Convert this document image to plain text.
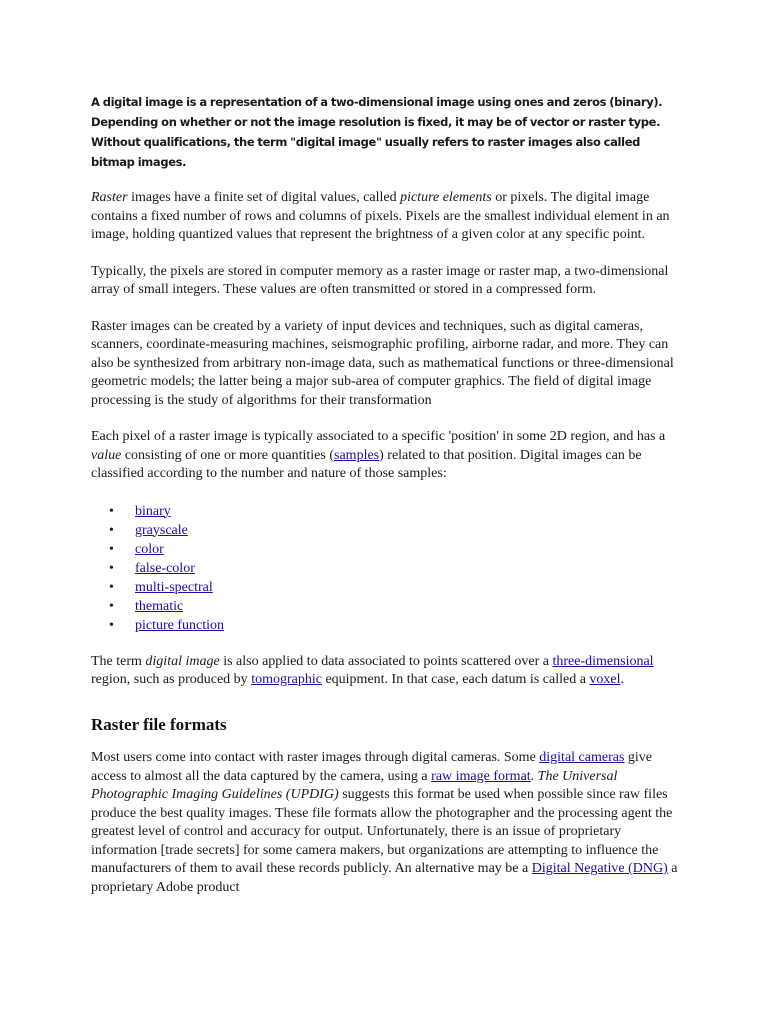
A digital image is a representation of a two-dimensional image using ones and zeros (binary). Depending on whether or not the image resolution is fixed, it may be of vector or raster type. Without qualifications, the term "digital image" usually refers to raster images also called bitmap images.

Raster images have a finite set of digital values, called picture elements or pixels. The digital image contains a fixed number of rows and columns of pixels. Pixels are the smallest individual element in an image, holding quantized values that represent the brightness of a given color at any specific point.

Typically, the pixels are stored in computer memory as a raster image or raster map, a two-dimensional array of small integers. These values are often transmitted or stored in a compressed form.

Raster images can be created by a variety of input devices and techniques, such as digital cameras, scanners, coordinate-measuring machines, seismographic profiling, airborne radar, and more. They can also be synthesized from arbitrary non-image data, such as mathematical functions or three-dimensional geometric models; the latter being a major sub-area of computer graphics. The field of digital image processing is the study of algorithms for their transformation

Each pixel of a raster image is typically associated to a specific 'position' in some 2D region, and has a value consisting of one or more quantities (samples) related to that position. Digital images can be classified according to the number and nature of those samples:

• binary
• grayscale
• color
• false-color
• multi-spectral
• thematic
• picture function

The term digital image is also applied to data associated to points scattered over a three-dimensional region, such as produced by tomographic equipment. In that case, each datum is called a voxel.

Raster file formats

Most users come into contact with raster images through digital cameras. Some digital cameras give access to almost all the data captured by the camera, using a raw image format. The Universal Photographic Imaging Guidelines (UPDIG) suggests this format be used when possible since raw files produce the best quality images. These file formats allow the photographer and the processing agent the greatest level of control and accuracy for output. Unfortunately, there is an issue of proprietary information [trade secrets] for some camera makers, but organizations are attempting to influence the manufacturers of them to avail these records publicly. An alternative may be a Digital Negative (DNG) a proprietary Adobe product
